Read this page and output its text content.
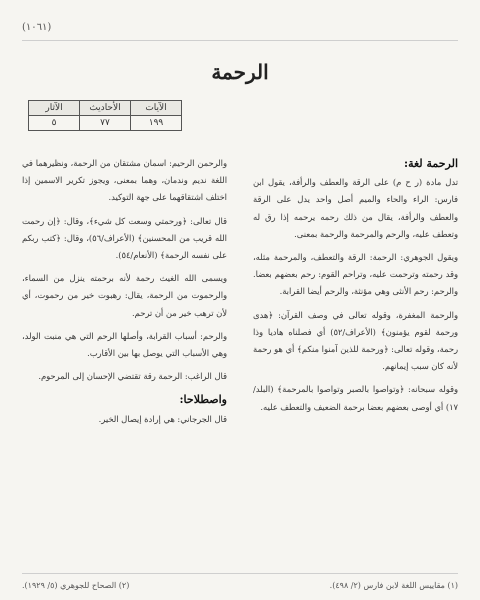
(١٠٦١)
الرحمة
الآثار	الأحاديث	الآيات
٥	٧٧	١٩٩
الرحمة لغة:

تدل مادة (ر ح م) على الرقة والعطف والرأفة، يقول ابن فارس: الراء والحاء والميم أصل واحد يدل على الرقة والعطف والرأفة، يقال من ذلك رحمه يرحمه إذا رق له وتعطف عليه، والرحم والمرحمة والرحمة بمعنى.

ويقول الجوهري: الرحمة: الرقة والتعطف، والمرحمة مثله، وقد رحمته وترحمت عليه، وتراحم القوم: رحم بعضهم بعضا. والرحم: رحم الأنثى وهي مؤنثة، والرحم أيضا القرابة.

والرحمة المغفرة، وقوله تعالى في وصف القرآن: ﴿هدى ورحمة لقوم يؤمنون﴾ (الأعراف/٥٢) أي فصلناه هاديا وذا رحمة، وقوله تعالى: ﴿ورحمة للذين آمنوا منكم﴾ أي هو رحمة لأنه كان سبب إيمانهم.

وقوله سبحانه: ﴿وتواصوا بالصبر وتواصوا بالمرحمة﴾ (البلد/١٧) أي أوصى بعضهم بعضا برحمة الضعيف والتعطف عليه.

والرحمن الرحيم: اسمان مشتقان من الرحمة، ونظيرهما في اللغة نديم وندمان، وهما بمعنى، ويجوز تكرير الاسمين إذا اختلف اشتقاقهما على جهة التوكيد.

قال تعالى: ﴿ورحمتي وسعت كل شيء﴾، وقال: ﴿إن رحمت الله قريب من المحسنين﴾ (الأعراف/٥٦)، وقال: ﴿كتب ربكم على نفسه الرحمة﴾ (الأنعام/٥٤).

ويسمى الله الغيث رحمة لأنه برحمته ينزل من السماء، والرحموت من الرحمة، يقال: رهبوت خير من رحموت، أي لأن ترهب خير من أن ترحم.

والرحم: أسباب القرابة، وأصلها الرحم التي هي منبت الولد، وهي الأسباب التي يوصل بها بين الأقارب.

قال الراغب: الرحمة رقة تقتضي الإحسان إلى المرحوم.

واصطلاحا:

قال الجرجاني: هي إرادة إيصال الخير.

(١) مقاييس اللغة لابن فارس (٢/ ٤٩٨).
(٢) الصحاح للجوهري (٥/ ١٩٢٩).
